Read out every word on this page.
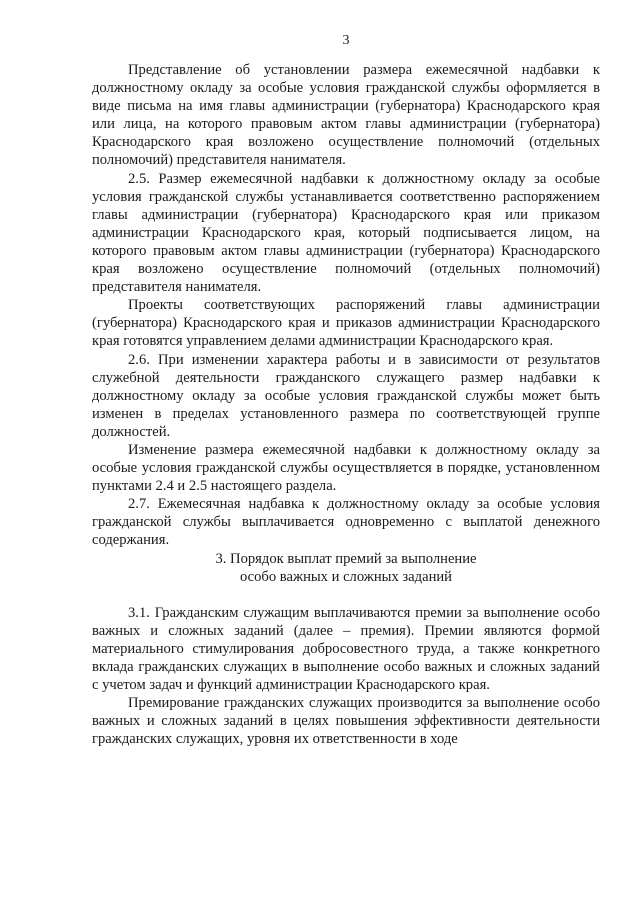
3

Представление об установлении размера ежемесячной надбавки к должностному окладу за особые условия гражданской службы оформляется в виде письма на имя главы администрации (губернатора) Краснодарского края или лица, на которого правовым актом главы администрации (губернатора) Краснодарского края возложено осуществление полномочий (отдельных полномочий) представителя нанимателя.

2.5. Размер ежемесячной надбавки к должностному окладу за особые условия гражданской службы устанавливается соответственно распоряжением главы администрации (губернатора) Краснодарского края или приказом администрации Краснодарского края, который подписывается лицом, на которого правовым актом главы администрации (губернатора) Краснодарского края возложено осуществление полномочий (отдельных полномочий) представителя нанимателя.

Проекты соответствующих распоряжений главы администрации (губернатора) Краснодарского края и приказов администрации Краснодарского края готовятся управлением делами администрации Краснодарского края.

2.6. При изменении характера работы и в зависимости от результатов служебной деятельности гражданского служащего размер надбавки к должностному окладу за особые условия гражданской службы может быть изменен в пределах установленного размера по соответствующей группе должностей.

Изменение размера ежемесячной надбавки к должностному окладу за особые условия гражданской службы осуществляется в порядке, установленном пунктами 2.4 и 2.5 настоящего раздела.

2.7. Ежемесячная надбавка к должностному окладу за особые условия гражданской службы выплачивается одновременно с выплатой денежного содержания.

3. Порядок выплат премий за выполнение

особо важных и сложных заданий

3.1. Гражданским служащим выплачиваются премии за выполнение особо важных и сложных заданий (далее – премия). Премии являются формой материального стимулирования добросовестного труда, а также конкретного вклада гражданских служащих в выполнение особо важных и сложных заданий с учетом задач и функций администрации Краснодарского края.

Премирование гражданских служащих производится за выполнение особо важных и сложных заданий в целях повышения эффективности деятельности гражданских служащих, уровня их ответственности в ходе
